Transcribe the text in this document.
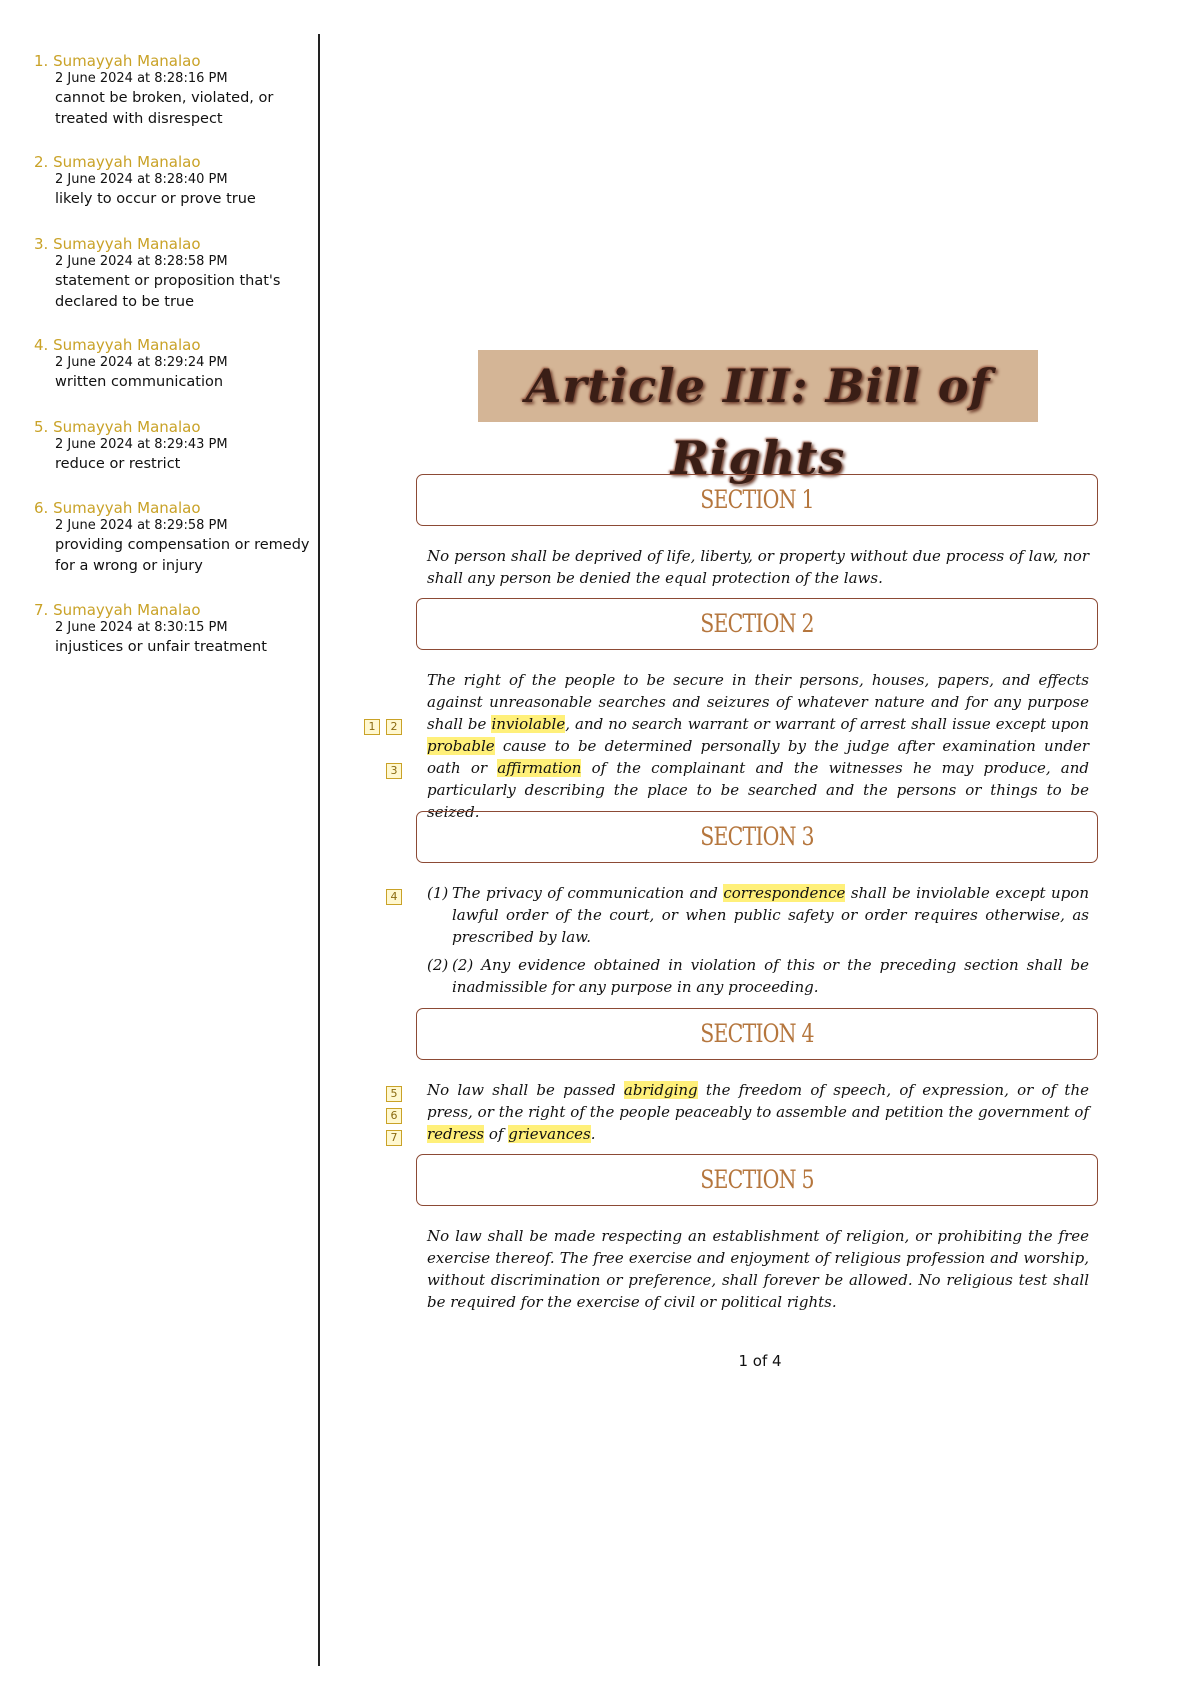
1. Sumayyah Manalao
2 June 2024 at 8:28:16 PM
cannot be broken, violated, or treated with disrespect
2. Sumayyah Manalao
2 June 2024 at 8:28:40 PM
likely to occur or prove true
3. Sumayyah Manalao
2 June 2024 at 8:28:58 PM
statement or proposition that's declared to be true
4. Sumayyah Manalao
2 June 2024 at 8:29:24 PM
written communication
5. Sumayyah Manalao
2 June 2024 at 8:29:43 PM
reduce or restrict
6. Sumayyah Manalao
2 June 2024 at 8:29:58 PM
providing compensation or remedy for a wrong or injury
7. Sumayyah Manalao
2 June 2024 at 8:30:15 PM
injustices or unfair treatment
Article III: Bill of Rights
SECTION 1
No person shall be deprived of life, liberty, or property without due process of law, nor shall any person be denied the equal protection of the laws.
SECTION 2
The right of the people to be secure in their persons, houses, papers, and effects against unreasonable searches and seizures of whatever nature and for any purpose shall be inviolable, and no search warrant or warrant of arrest shall issue except upon probable cause to be determined personally by the judge after examination under oath or affirmation of the complainant and the witnesses he may produce, and particularly describing the place to be searched and the persons or things to be seized.
SECTION 3
(1) The privacy of communication and correspondence shall be inviolable except upon lawful order of the court, or when public safety or order requires otherwise, as prescribed by law.
(2) (2) Any evidence obtained in violation of this or the preceding section shall be inadmissible for any purpose in any proceeding.
SECTION 4
No law shall be passed abridging the freedom of speech, of expression, or of the press, or the right of the people peaceably to assemble and petition the government of redress of grievances.
SECTION 5
No law shall be made respecting an establishment of religion, or prohibiting the free exercise thereof. The free exercise and enjoyment of religious profession and worship, without discrimination or preference, shall forever be allowed. No religious test shall be required for the exercise of civil or political rights.
1	2
3
4
5
6
7
1 of 4
